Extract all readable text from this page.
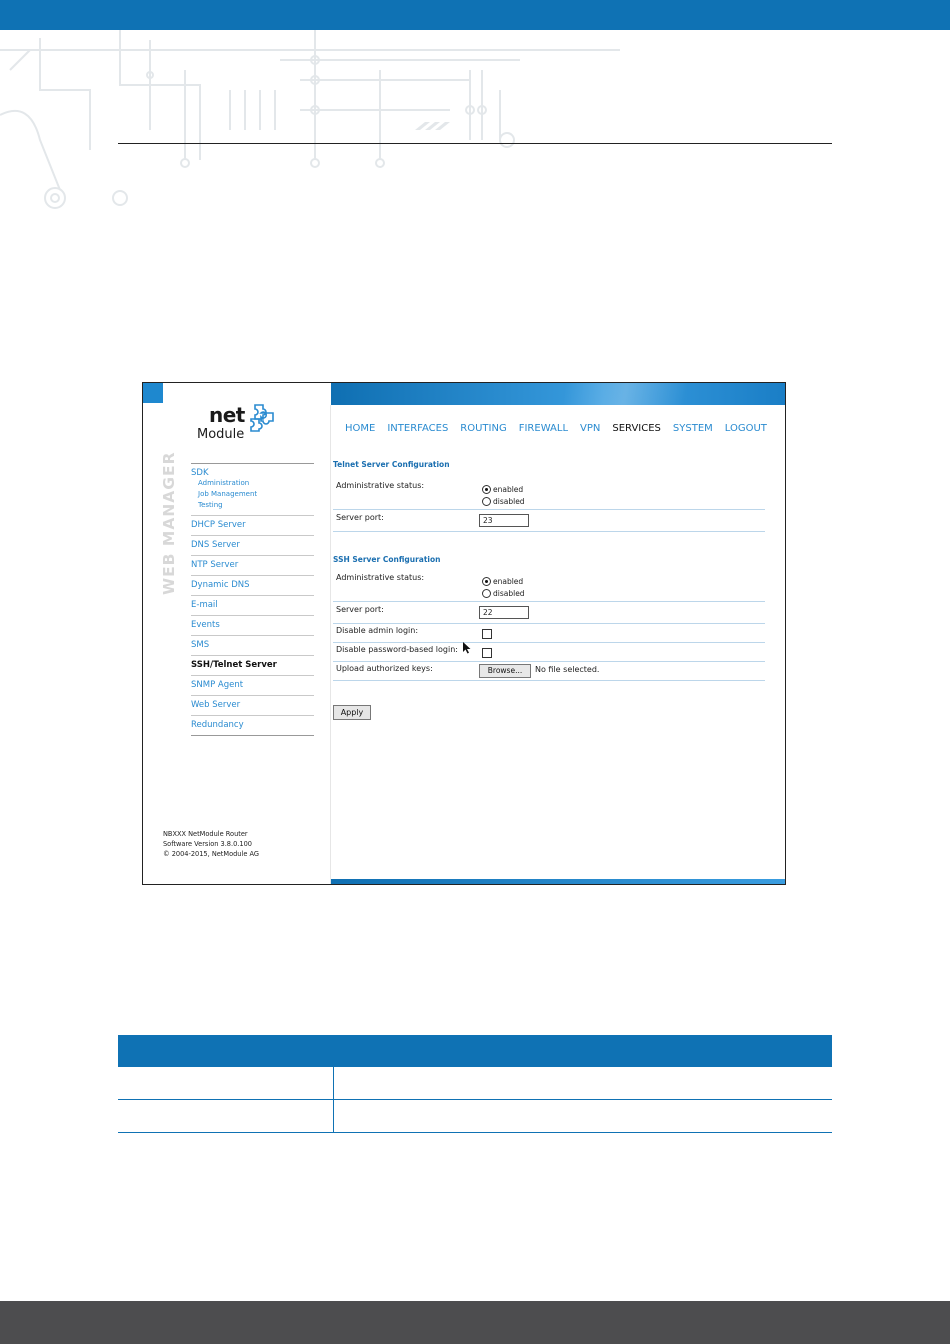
net
Module
WEB MANAGER SDK
Administration
Job Management
Testing
DHCP Server
DNS Server
NTP Server
Dynamic DNS
E-mail
Events
SMS
SSH/Telnet Server
SNMP Agent
Web Server
Redundancy
NBXXX NetModule Router
Software Version 3.8.0.100
© 2004-2015, NetModule AG
HOME INTERFACES ROUTING FIREWALL VPN SERVICES SYSTEM LOGOUT
Telnet Server Configuration
Administrative status:	enabled
disabled
Server port:	23
SSH Server Configuration
Administrative status:	enabled
disabled
Server port:	22
Disable admin login:
Disable password-based login:
Upload authorized keys:	Browse...	No file selected.
Apply
